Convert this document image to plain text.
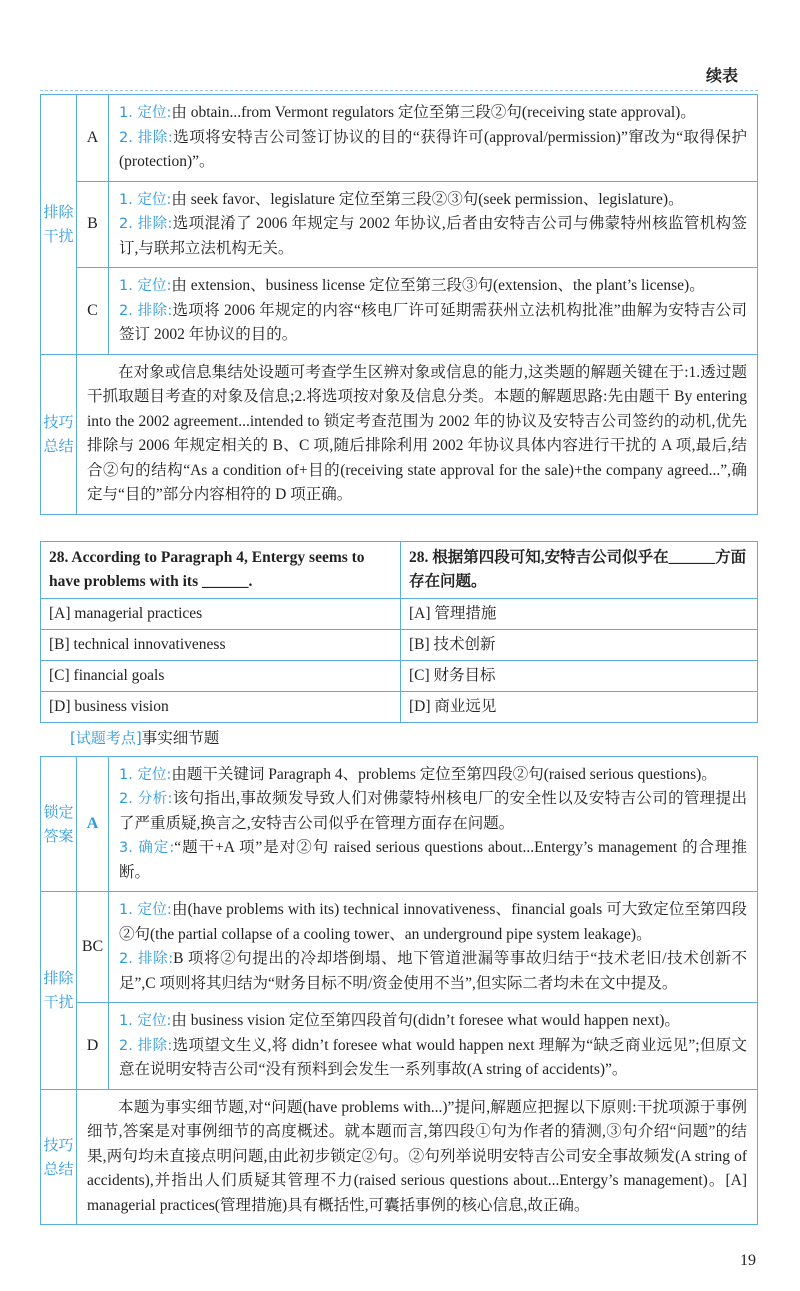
续表
排除干扰	A	1. 定位:由 obtain...from Vermont regulators 定位至第三段②句(receiving state approval)。
2. 排除:选项将安特吉公司签订协议的目的“获得许可(approval/permission)”窜改为“取得保护(protection)”。

	B	1. 定位:由 seek favor、legislature 定位至第三段②③句(seek permission、legislature)。
2. 排除:选项混淆了 2006 年规定与 2002 年协议,后者由安特吉公司与佛蒙特州核监管机构签订,与联邦立法机构无关。

	C	1. 定位:由 extension、business license 定位至第三段③句(extension、the plant’s license)。
2. 排除:选项将 2006 年规定的内容“核电厂许可延期需获州立法机构批准”曲解为安特吉公司签订 2002 年协议的目的。

技巧总结	在对象或信息集结处设题可考查学生区辨对象或信息的能力,这类题的解题关键在于:1.透过题干抓取题目考查的对象及信息;2.将选项按对象及信息分类。本题的解题思路:先由题干 By entering into the 2002 agreement...intended to 锁定考查范围为 2002 年的协议及安特吉公司签约的动机,优先排除与 2006 年规定相关的 B、C 项,随后排除利用 2002 年协议具体内容进行干扰的 A 项,最后,结合②句的结构“As a condition of+目的(receiving state approval for the sale)+the company agreed...”,确定与“目的”部分内容相符的 D 项正确。	
28. According to Paragraph 4, Entergy seems to have problems with its ______.	28. 根据第四段可知,安特吉公司似乎在______方面存在问题。
[A] managerial practices	[A] 管理措施
[B] technical innovativeness	[B] 技术创新
[C] financial goals	[C] 财务目标
[D] business vision	[D] 商业远见
[试题考点]事实细节题
锁定答案	A	1. 定位:由题干关键词 Paragraph 4、problems 定位至第四段②句(raised serious questions)。
2. 分析:该句指出,事故频发导致人们对佛蒙特州核电厂的安全性以及安特吉公司的管理提出了严重质疑,换言之,安特吉公司似乎在管理方面存在问题。
3. 确定:“题干+A 项”是对②句 raised serious questions about...Entergy’s management 的合理推断。

排除干扰	BC	1. 定位:由(have problems with its) technical innovativeness、financial goals 可大致定位至第四段②句(the partial collapse of a cooling tower、an underground pipe system leakage)。
2. 排除:B 项将②句提出的冷却塔倒塌、地下管道泄漏等事故归结于“技术老旧/技术创新不足”,C 项则将其归结为“财务目标不明/资金使用不当”,但实际二者均未在文中提及。

	D	1. 定位:由 business vision 定位至第四段首句(didn’t foresee what would happen next)。
2. 排除:选项望文生义,将 didn’t foresee what would happen next 理解为“缺乏商业远见”;但原文意在说明安特吉公司“没有预料到会发生一系列事故(A string of accidents)”。

技巧总结	本题为事实细节题,对“问题(have problems with...)”提问,解题应把握以下原则:干扰项源于事例细节,答案是对事例细节的高度概述。就本题而言,第四段①句为作者的猜测,③句介绍“问题”的结果,两句均未直接点明问题,由此初步锁定②句。②句列举说明安特吉公司安全事故频发(A string of accidents),并指出人们质疑其管理不力(raised serious questions about...Entergy’s management)。[A] managerial practices(管理措施)具有概括性,可囊括事例的核心信息,故正确。	
19
